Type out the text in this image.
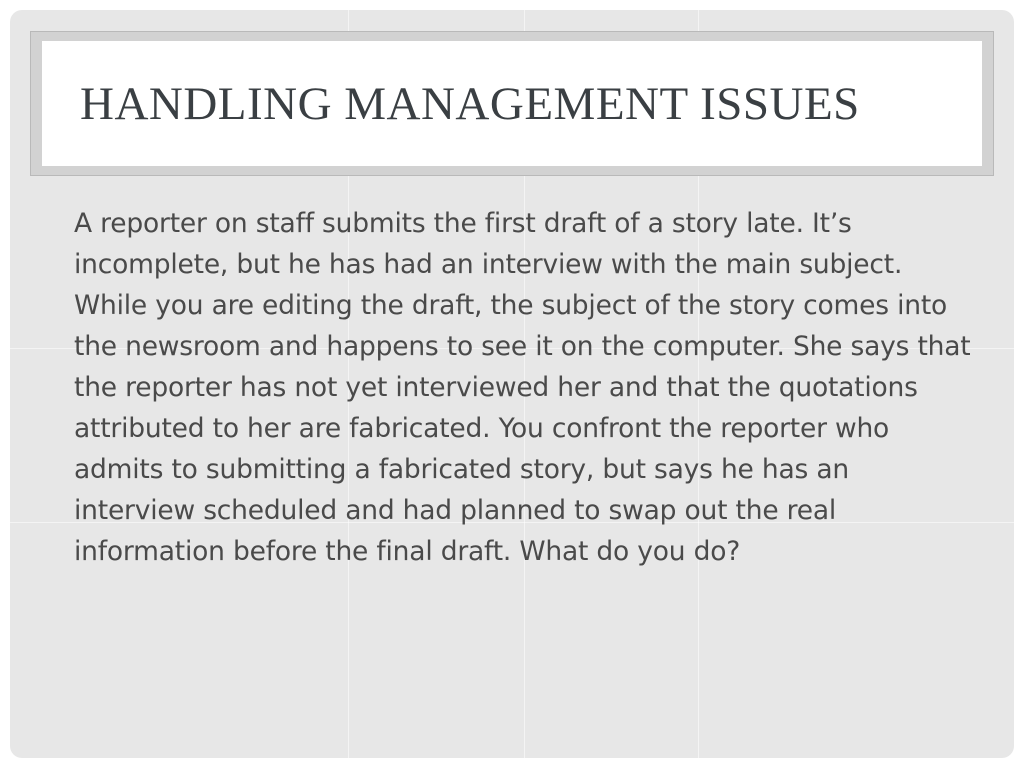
HANDLING MANAGEMENT ISSUES

A reporter on staff submits the first draft of a story late. It’s incomplete, but he has had an interview with the main subject. While you are editing the draft, the subject of the story comes into the newsroom and happens to see it on the computer. She says that the reporter has not yet interviewed her and that the quotations attributed to her are fabricated. You confront the reporter who admits to submitting a fabricated story, but says he has an interview scheduled and had planned to swap out the real information before the final draft. What do you do?
